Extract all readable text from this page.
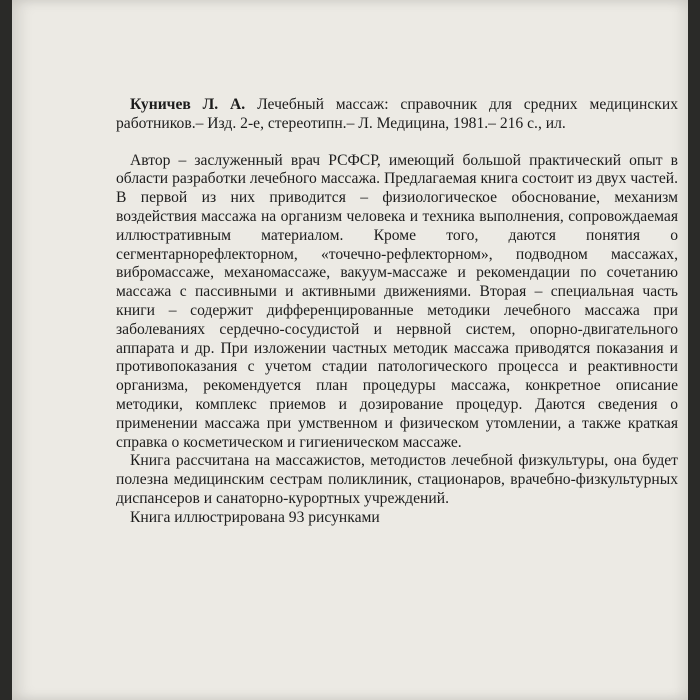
Куничев Л. А. Лечебный массаж: справочник для средних медицинских работников.– Изд. 2-е, стереотипн.– Л. Медицина, 1981.– 216 с., ил.

Автор – заслуженный врач РСФСР, имеющий большой практический опыт в области разработки лечебного массажа. Предлагаемая книга состоит из двух частей. В первой из них приводится – физиологическое обоснование, механизм воздействия массажа на организм человека и техника выполнения, сопровождаемая иллюстративным материалом. Кроме того, даются понятия о сегментарнорефлекторном, «точечно-рефлекторном», подводном массажах, вибромассаже, механомассаже, вакуум-массаже и рекомендации по сочетанию массажа с пассивными и активными движениями. Вторая – специальная часть книги – содержит дифференцированные методики лечебного массажа при заболеваниях сердечно-сосудистой и нервной систем, опорно-двигательного аппарата и др. При изложении частных методик массажа приводятся показания и противопоказания с учетом стадии патологического процесса и реактивности организма, рекомендуется план процедуры массажа, конкретное описание методики, комплекс приемов и дозирование процедур. Даются сведения о применении массажа при умственном и физическом утомлении, а также краткая справка о косметическом и гигиеническом массаже.

Книга рассчитана на массажистов, методистов лечебной физкультуры, она будет полезна медицинским сестрам поликлиник, стационаров, врачебно-физкультурных диспансеров и санаторно-курортных учреждений.

Книга иллюстрирована 93 рисунками
